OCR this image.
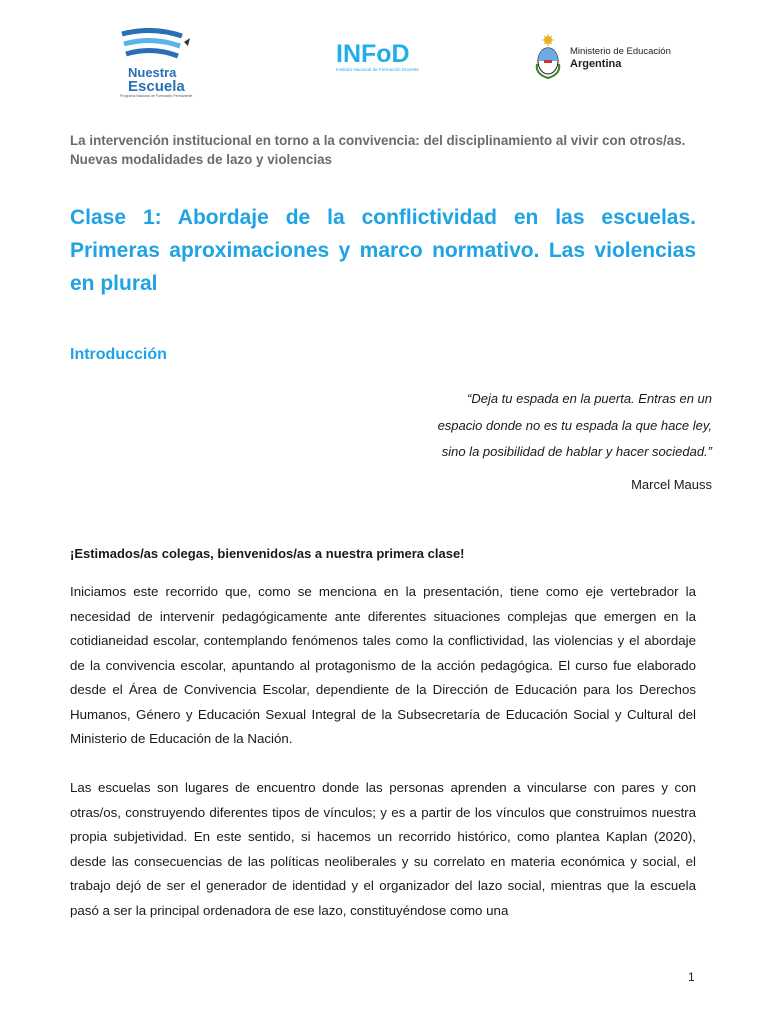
Nuestra
Escuela
Programa Nacional de Formación Permanente
INFoD
Instituto Nacional de Formación Docente
Ministerio de Educación
Argentina
La intervención institucional en torno a la convivencia: del disciplinamiento al vivir con otros/as. Nuevas modalidades de lazo y violencias
Clase 1: Abordaje de la conflictividad en las escuelas. Primeras aproximaciones y marco normativo. Las violencias en plural
Introducción
“Deja tu espada en la puerta. Entras en un
espacio donde no es tu espada la que hace ley,
sino la posibilidad de hablar y hacer sociedad.”
Marcel Mauss
¡Estimados/as colegas, bienvenidos/as a nuestra primera clase!

Iniciamos este recorrido que, como se menciona en la presentación, tiene como eje vertebrador la necesidad de intervenir pedagógicamente ante diferentes situaciones complejas que emergen en la cotidianeidad escolar, contemplando fenómenos tales como la conflictividad, las violencias y el abordaje de la convivencia escolar, apuntando al protagonismo de la acción pedagógica. El curso fue elaborado desde el Área de Convivencia Escolar, dependiente de la Dirección de Educación para los Derechos Humanos, Género y Educación Sexual Integral de la Subsecretaría de Educación Social y Cultural del Ministerio de Educación de la Nación.

Las escuelas son lugares de encuentro donde las personas aprenden a vincularse con pares y con otras/os, construyendo diferentes tipos de vínculos; y es a partir de los vínculos que construimos nuestra propia subjetividad. En este sentido, si hacemos un recorrido histórico, como plantea Kaplan (2020), desde las consecuencias de las políticas neoliberales y su correlato en materia económica y social, el trabajo dejó de ser el generador de identidad y el organizador del lazo social, mientras que la escuela pasó a ser la principal ordenadora de ese lazo, constituyéndose como una

1
